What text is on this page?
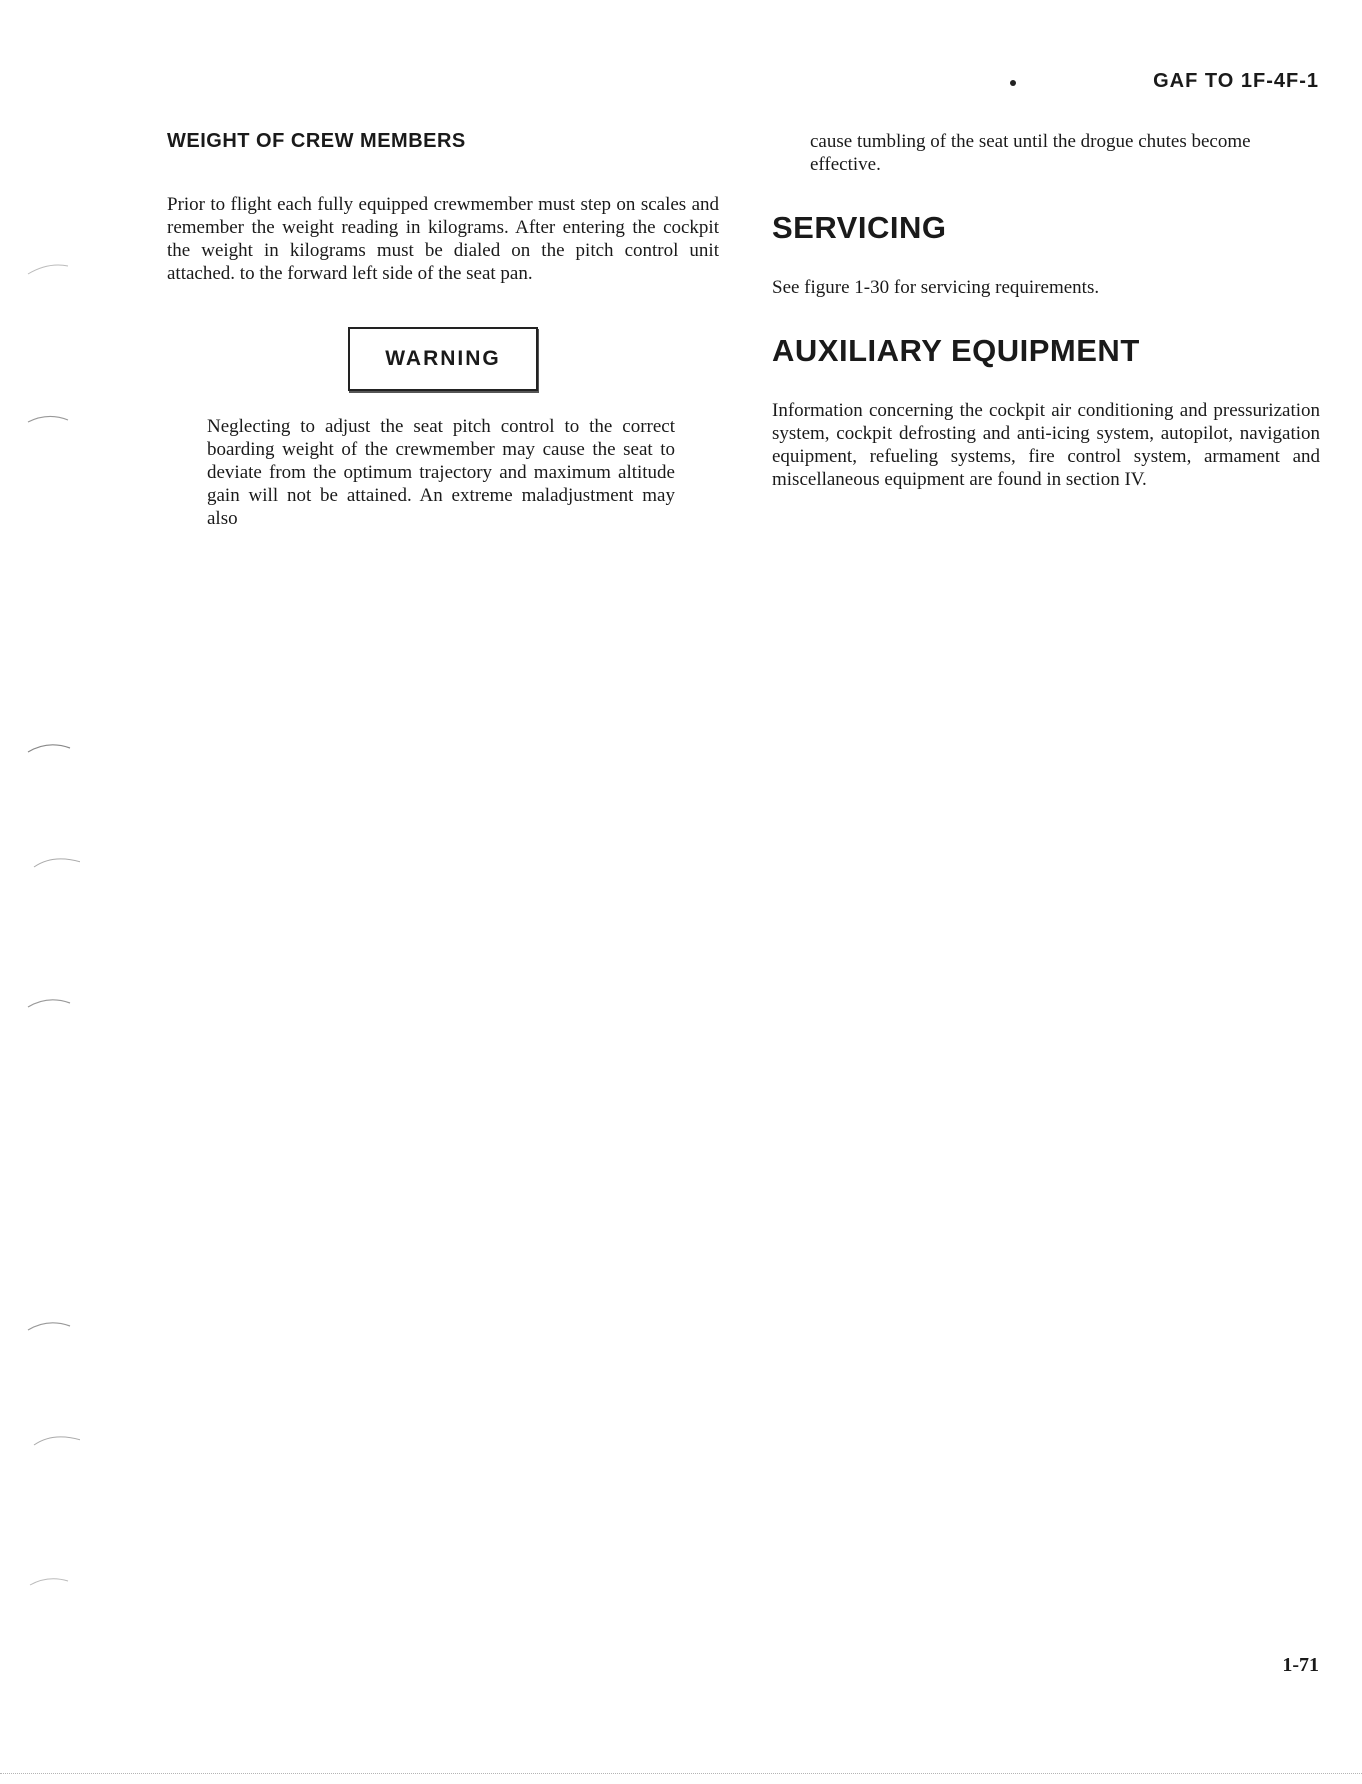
GAF TO 1F-4F-1
WEIGHT OF CREW MEMBERS

Prior to flight each fully equipped crewmember must step on scales and remember the weight reading in kilograms. After entering the cockpit the weight in kilograms must be dialed on the pitch control unit attached. to the forward left side of the seat pan.

WARNING

Neglecting to adjust the seat pitch control to the correct boarding weight of the crewmember may cause the seat to deviate from the optimum trajectory and maximum altitude gain will not be attained. An extreme maladjustment may also

cause tumbling of the seat until the drogue chutes become effective.

SERVICING

See figure 1-30 for servicing requirements.

AUXILIARY EQUIPMENT

Information concerning the cockpit air conditioning and pressurization system, cockpit defrosting and anti-icing system, autopilot, navigation equipment, refueling systems, fire control system, armament and miscellaneous equipment are found in section IV.

1-71
